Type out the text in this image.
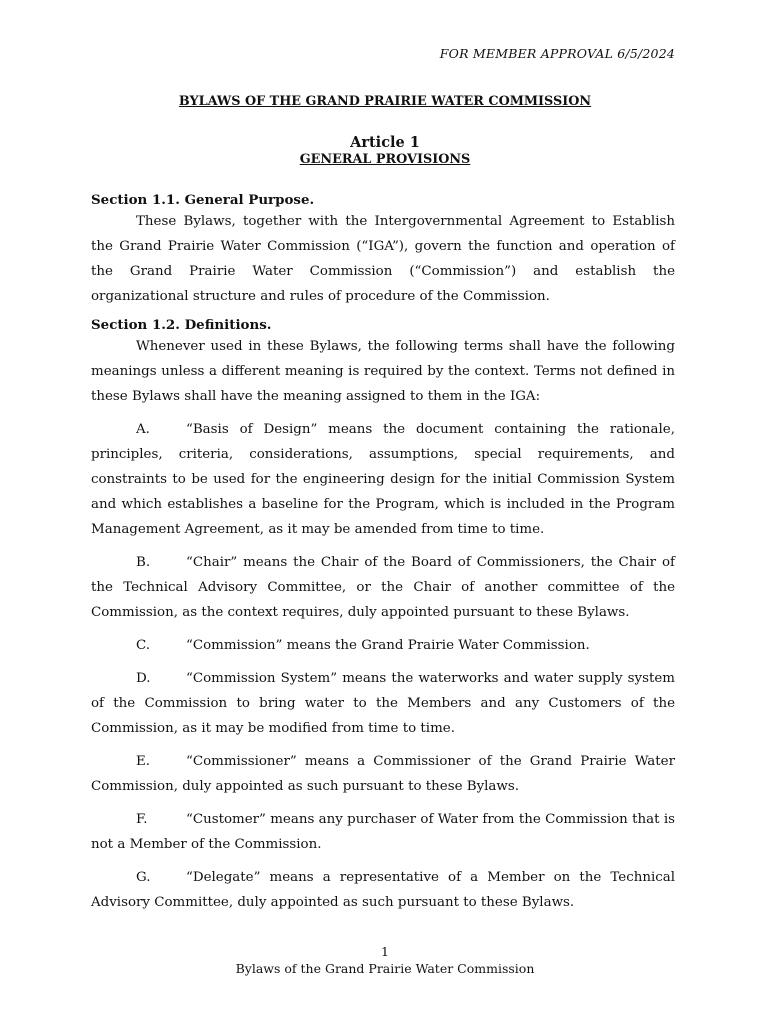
FOR MEMBER APPROVAL 6/5/2024
BYLAWS OF THE GRAND PRAIRIE WATER COMMISSION
Article 1
GENERAL PROVISIONS
Section 1.1. General Purpose.

These Bylaws, together with the Intergovernmental Agreement to Establish the Grand Prairie Water Commission (“IGA”), govern the function and operation of the Grand Prairie Water Commission (“Commission”) and establish the organizational structure and rules of procedure of the Commission.

Section 1.2. Definitions.

Whenever used in these Bylaws, the following terms shall have the following meanings unless a different meaning is required by the context. Terms not defined in these Bylaws shall have the meaning assigned to them in the IGA:

A.	“Basis of Design” means the document containing the rationale, principles, criteria, considerations, assumptions, special requirements, and constraints to be used for the engineering design for the initial Commission System and which establishes a baseline for the Program, which is included in the Program Management Agreement, as it may be amended from time to time.

B.	“Chair” means the Chair of the Board of Commissioners, the Chair of the Technical Advisory Committee, or the Chair of another committee of the Commission, as the context requires, duly appointed pursuant to these Bylaws.

C.	“Commission” means the Grand Prairie Water Commission.

D.	“Commission System” means the waterworks and water supply system of the Commission to bring water to the Members and any Customers of the Commission, as it may be modified from time to time.

E.	“Commissioner” means a Commissioner of the Grand Prairie Water Commission, duly appointed as such pursuant to these Bylaws.

F.	“Customer” means any purchaser of Water from the Commission that is not a Member of the Commission.

G.	“Delegate” means a representative of a Member on the Technical Advisory Committee, duly appointed as such pursuant to these Bylaws.

1
Bylaws of the Grand Prairie Water Commission
